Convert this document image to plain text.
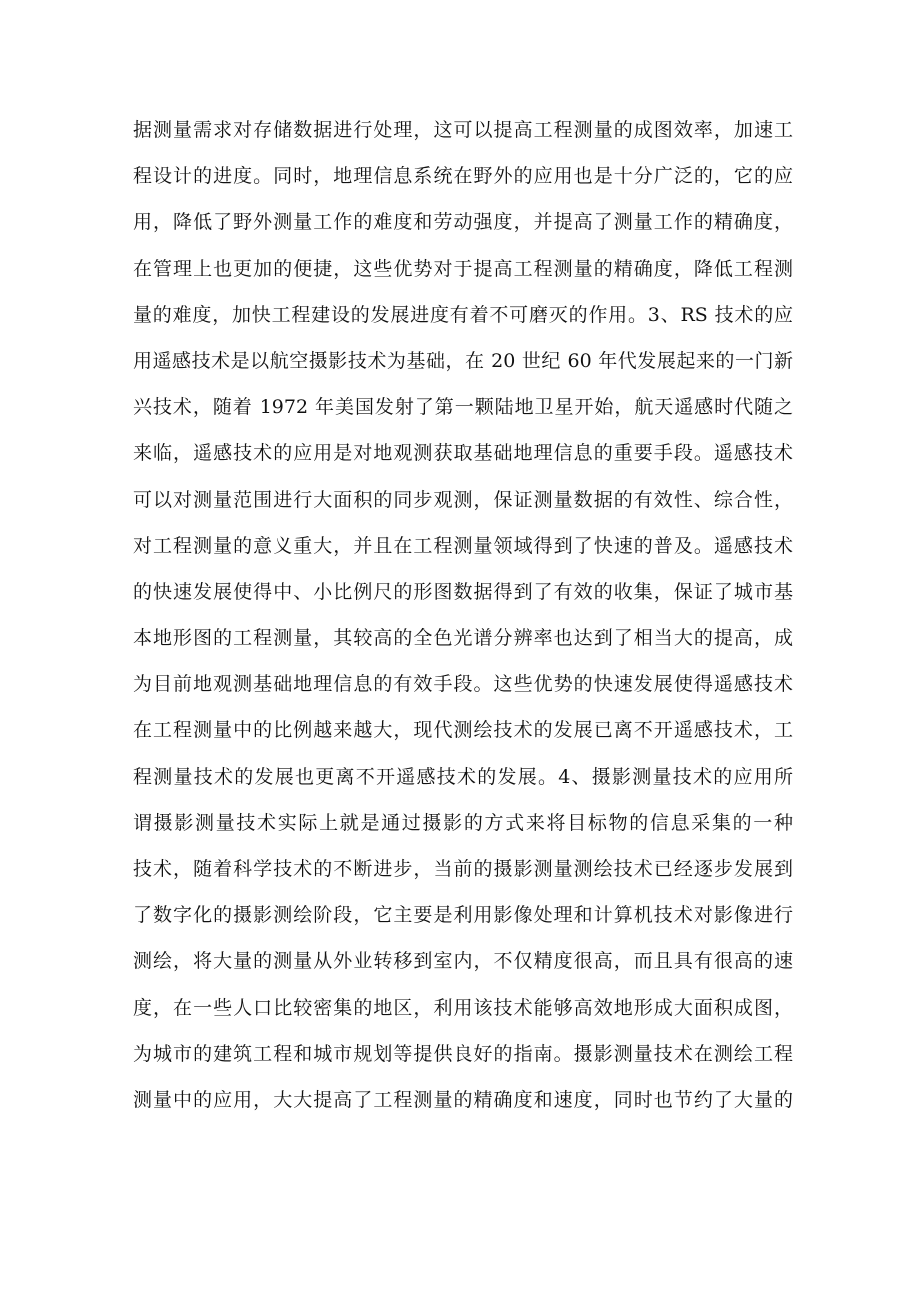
据测量需求对存储数据进行处理，这可以提高工程测量的成图效率，加速工
程设计的进度。同时，地理信息系统在野外的应用也是十分广泛的，它的应
用，降低了野外测量工作的难度和劳动强度，并提高了测量工作的精确度，
在管理上也更加的便捷，这些优势对于提高工程测量的精确度，降低工程测
量的难度，加快工程建设的发展进度有着不可磨灭的作用。3、RS 技术的应
用遥感技术是以航空摄影技术为基础，在 20 世纪 60 年代发展起来的一门新
兴技术，随着 1972 年美国发射了第一颗陆地卫星开始，航天遥感时代随之
来临，遥感技术的应用是对地观测获取基础地理信息的重要手段。遥感技术
可以对测量范围进行大面积的同步观测，保证测量数据的有效性、综合性，
对工程测量的意义重大，并且在工程测量领域得到了快速的普及。遥感技术
的快速发展使得中、小比例尺的形图数据得到了有效的收集，保证了城市基
本地形图的工程测量，其较高的全色光谱分辨率也达到了相当大的提高，成
为目前地观测基础地理信息的有效手段。这些优势的快速发展使得遥感技术
在工程测量中的比例越来越大，现代测绘技术的发展已离不开遥感技术，工
程测量技术的发展也更离不开遥感技术的发展。4、摄影测量技术的应用所
谓摄影测量技术实际上就是通过摄影的方式来将目标物的信息采集的一种
技术，随着科学技术的不断进步，当前的摄影测量测绘技术已经逐步发展到
了数字化的摄影测绘阶段，它主要是利用影像处理和计算机技术对影像进行
测绘，将大量的测量从外业转移到室内，不仅精度很高，而且具有很高的速
度，在一些人口比较密集的地区，利用该技术能够高效地形成大面积成图，
为城市的建筑工程和城市规划等提供良好的指南。摄影测量技术在测绘工程
测量中的应用，大大提高了工程测量的精确度和速度，同时也节约了大量的
